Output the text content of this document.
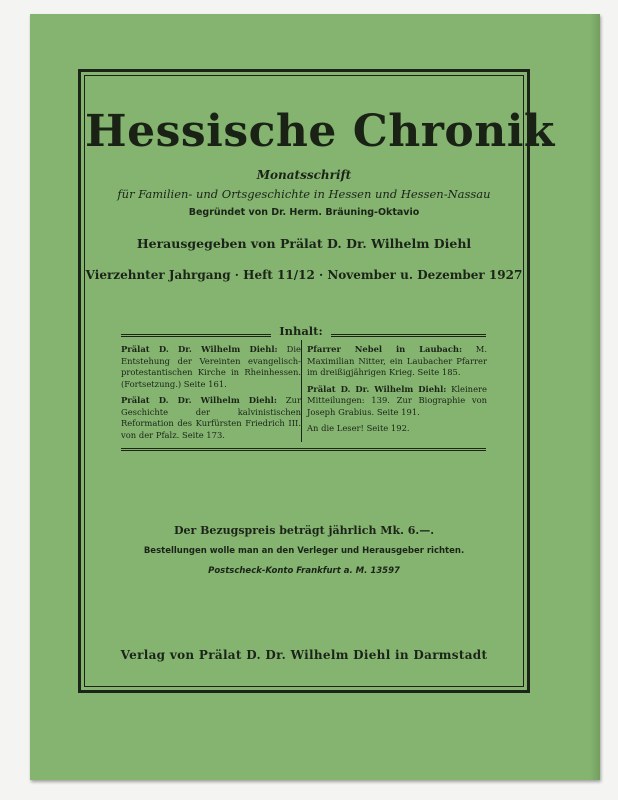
Hessische Chronik
Monatsschrift
für Familien- und Ortsgeschichte in Hessen und Hessen-Nassau
Begründet von Dr. Herm. Bräuning-Oktavio
Herausgegeben von Prälat D. Dr. Wilhelm Diehl
Vierzehnter Jahrgang · Heft 11/12 · November u. Dezember 1927
Inhalt:

Prälat D. Dr. Wilhelm Diehl: Die Entstehung der Vereinten evangelisch-protestantischen Kirche in Rheinhessen. (Fortsetzung.) Seite 161.

Prälat D. Dr. Wilhelm Diehl: Zur Geschichte der kalvinistischen Reformation des Kurfürsten Friedrich III. von der Pfalz. Seite 173.

Pfarrer Nebel in Laubach: M. Maximilian Nitter, ein Laubacher Pfarrer im dreißigjährigen Krieg. Seite 185.

Prälat D. Dr. Wilhelm Diehl: Kleinere Mitteilungen: 139. Zur Biographie von Joseph Grabius. Seite 191.

An die Leser! Seite 192.

Der Bezugspreis beträgt jährlich Mk. 6.—.
Bestellungen wolle man an den Verleger und Herausgeber richten.
Postscheck-Konto Frankfurt a. M. 13597
Verlag von Prälat D. Dr. Wilhelm Diehl in Darmstadt
